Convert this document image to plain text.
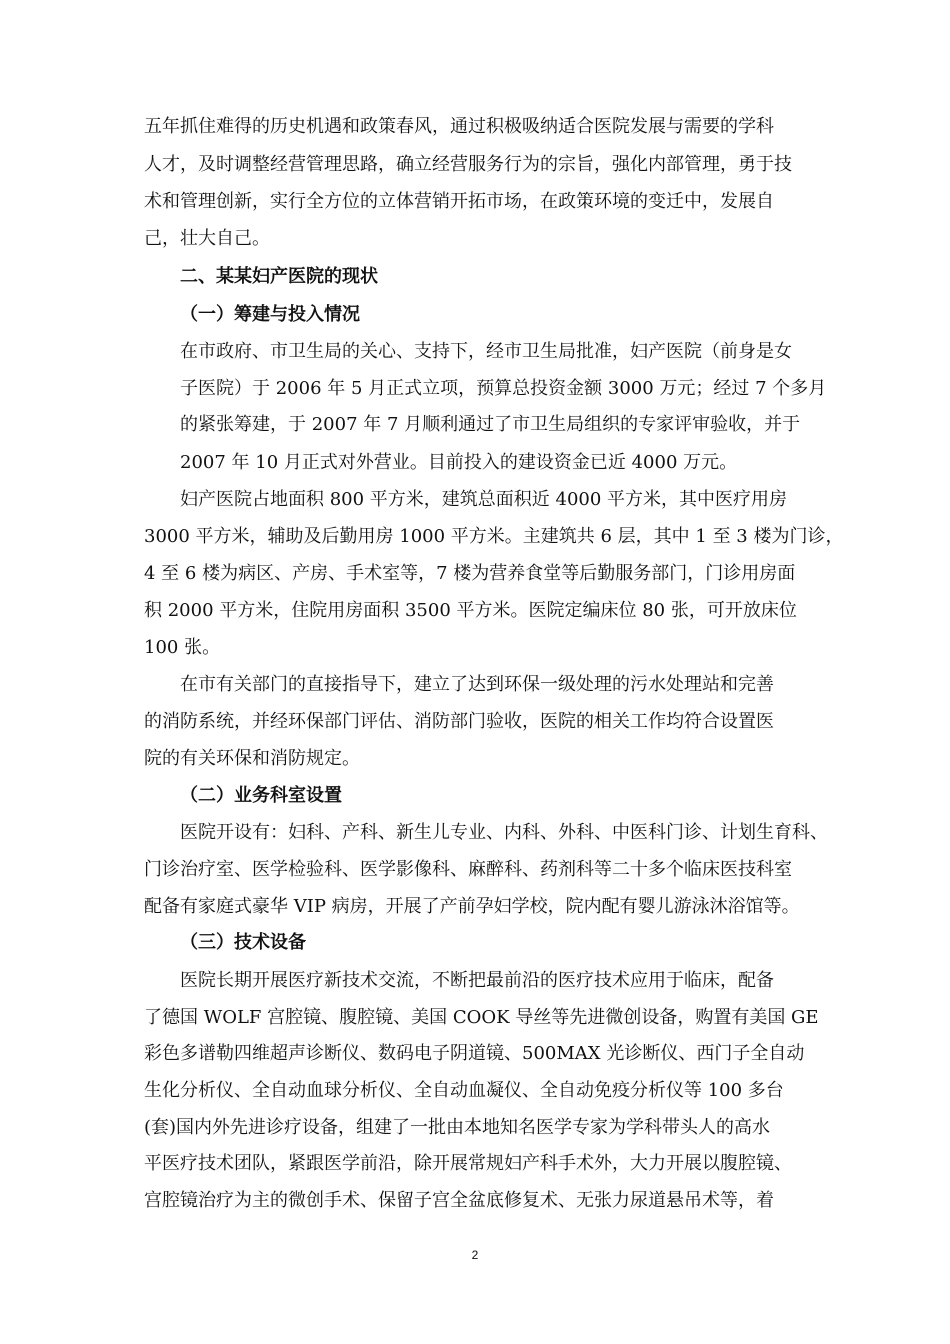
五年抓住难得的历史机遇和政策春风，通过积极吸纳适合医院发展与需要的学科
人才，及时调整经营管理思路，确立经营服务行为的宗旨，强化内部管理，勇于技
术和管理创新，实行全方位的立体营销开拓市场，在政策环境的变迁中，发展自
己，壮大自己。
二、某某妇产医院的现状
（一）筹建与投入情况
在市政府、市卫生局的关心、支持下，经市卫生局批准，妇产医院（前身是女
子医院）于 2006 年 5 月正式立项，预算总投资金额 3000 万元；经过 7 个多月
的紧张筹建，于 2007 年 7 月顺利通过了市卫生局组织的专家评审验收，并于
2007 年 10 月正式对外营业。目前投入的建设资金已近 4000 万元。
妇产医院占地面积 800 平方米，建筑总面积近 4000 平方米，其中医疗用房
3000 平方米，辅助及后勤用房 1000 平方米。主建筑共 6 层，其中 1 至 3 楼为门诊，
4 至 6 楼为病区、产房、手术室等，7 楼为营养食堂等后勤服务部门，门诊用房面
积 2000 平方米，住院用房面积 3500 平方米。医院定编床位 80 张，可开放床位
100 张。
在市有关部门的直接指导下，建立了达到环保一级处理的污水处理站和完善
的消防系统，并经环保部门评估、消防部门验收，医院的相关工作均符合设置医
院的有关环保和消防规定。
（二）业务科室设置
医院开设有：妇科、产科、新生儿专业、内科、外科、中医科门诊、计划生育科、
门诊治疗室、医学检验科、医学影像科、麻醉科、药剂科等二十多个临床医技科室
配备有家庭式豪华 VIP 病房，开展了产前孕妇学校，院内配有婴儿游泳沐浴馆等。
（三）技术设备
医院长期开展医疗新技术交流，不断把最前沿的医疗技术应用于临床，配备
了德国 WOLF 宫腔镜、腹腔镜、美国 COOK 导丝等先进微创设备，购置有美国 GE
彩色多谱勒四维超声诊断仪、数码电子阴道镜、500MAX 光诊断仪、西门子全自动
生化分析仪、全自动血球分析仪、全自动血凝仪、全自动免疫分析仪等 100 多台
(套)国内外先进诊疗设备，组建了一批由本地知名医学专家为学科带头人的高水
平医疗技术团队，紧跟医学前沿，除开展常规妇产科手术外，大力开展以腹腔镜、
宫腔镜治疗为主的微创手术、保留子宫全盆底修复术、无张力尿道悬吊术等，着
2
